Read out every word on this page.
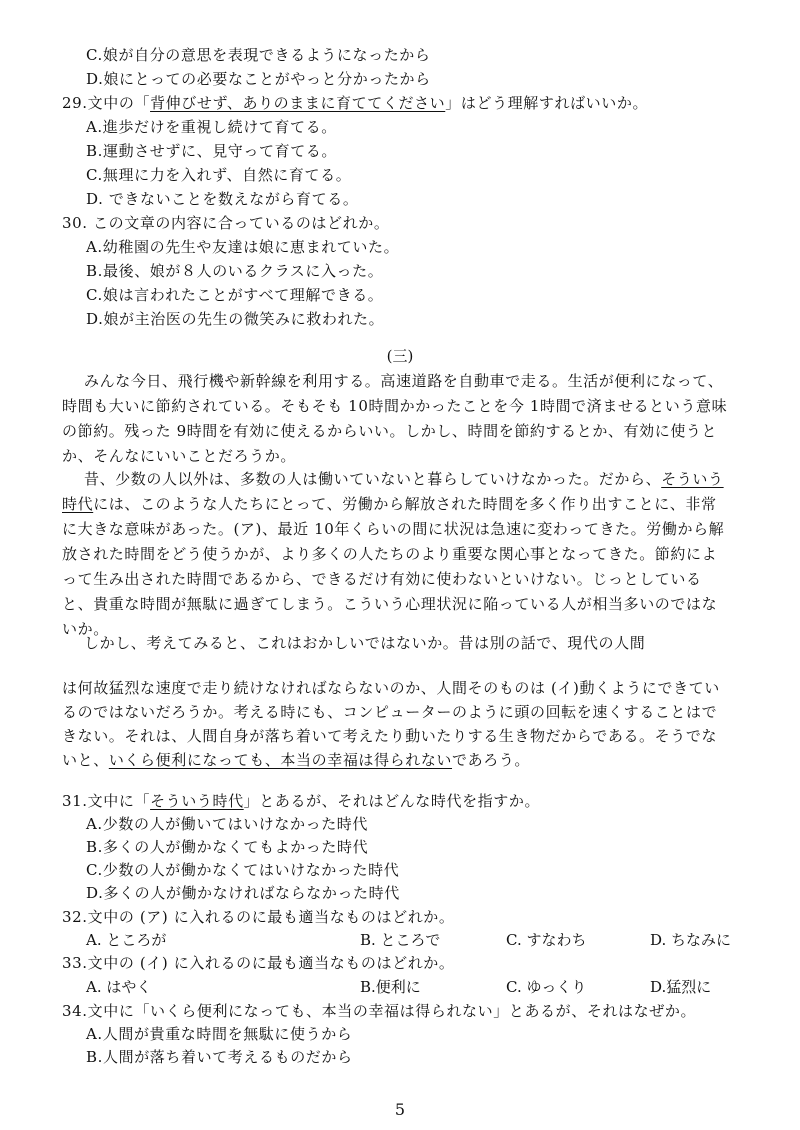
C.娘が自分の意思を表現できるようになったから
D.娘にとっての必要なことがやっと分かったから
29.文中の「背伸びせず、ありのままに育ててください」はどう理解すればいいか。
A.進歩だけを重視し続けて育てる。
B.運動させずに、見守って育てる。
C.無理に力を入れず、自然に育てる。
D. できないことを数えながら育てる。
30. この文章の内容に合っているのはどれか。
A.幼稚園の先生や友達は娘に恵まれていた。
B.最後、娘が８人のいるクラスに入った。
C.娘は言われたことがすべて理解できる。
D.娘が主治医の先生の微笑みに救われた。
(三)
みんな今日、飛行機や新幹線を利用する。高速道路を自動車で走る。生活が便利になって、
時間も大いに節約されている。そもそも 10時間かかったことを今 1時間で済ませるという意味
の節約。残った 9時間を有効に使えるからいい。しかし、時間を節約するとか、有効に使うと
か、そんなにいいことだろうか。
昔、少数の人以外は、多数の人は働いていないと暮らしていけなかった。だから、そういう
時代には、このような人たちにとって、労働から解放された時間を多く作り出すことに、非常
に大きな意味があった。(ア)、最近 10年くらいの間に状況は急速に変わってきた。労働から解
放された時間をどう使うかが、より多くの人たちのより重要な関心事となってきた。節約によ
って生み出された時間であるから、できるだけ有効に使わないといけない。じっとしている
と、貴重な時間が無駄に過ぎてしまう。こういう心理状況に陥っている人が相当多いのではな
いか。
しかし、考えてみると、これはおかしいではないか。昔は別の話で、現代の人間
は何故猛烈な速度で走り続けなければならないのか、人間そのものは (イ)動くようにできてい
るのではないだろうか。考える時にも、コンピューターのように頭の回転を速くすることはで
きない。それは、人間自身が落ち着いて考えたり動いたりする生き物だからである。そうでな
いと、いくら便利になっても、本当の幸福は得られないであろう。
31.文中に「そういう時代」とあるが、それはどんな時代を指すか。
A.少数の人が働いてはいけなかった時代
B.多くの人が働かなくてもよかった時代
C.少数の人が働かなくてはいけなかった時代
D.多くの人が働かなければならなかった時代
32.文中の (ア) に入れるのに最も適当なものはどれか。
A. ところが	B. ところで	C. すなわち	D. ちなみに
33.文中の (イ) に入れるのに最も適当なものはどれか。
A. はやく	B.便利に	C. ゆっくり	D.猛烈に
34.文中に「いくら便利になっても、本当の幸福は得られない」とあるが、それはなぜか。
A.人間が貴重な時間を無駄に使うから
B.人間が落ち着いて考えるものだから
5
